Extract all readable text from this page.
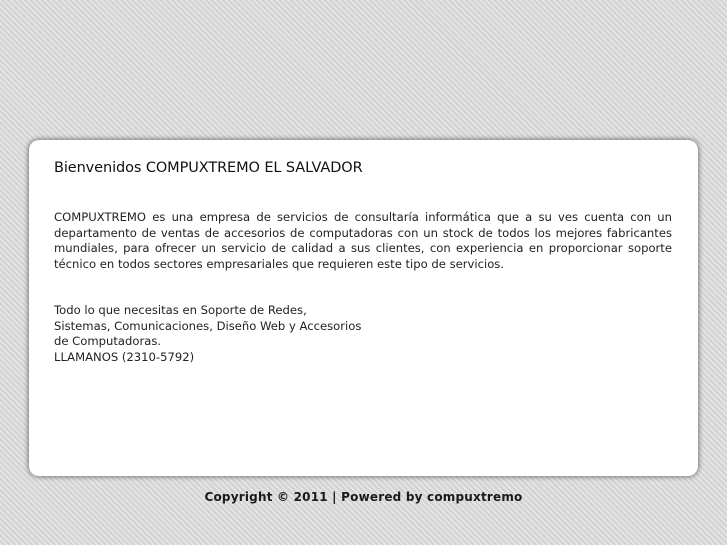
Bienvenidos COMPUXTREMO EL SALVADOR

COMPUXTREMO es una empresa de servicios de consultaría informática que a su ves cuenta con un departamento de ventas de accesorios de computadoras con un stock de todos los mejores fabricantes mundiales, para ofrecer un servicio de calidad a sus clientes, con experiencia en proporcionar soporte técnico en todos sectores empresariales que requieren este tipo de servicios.

Todo lo que necesitas en Soporte de Redes,
Sistemas, Comunicaciones, Diseño Web y Accesorios
de Computadoras.
LLAMANOS (2310-5792)

Copyright © 2011 | Powered by compuxtremo
